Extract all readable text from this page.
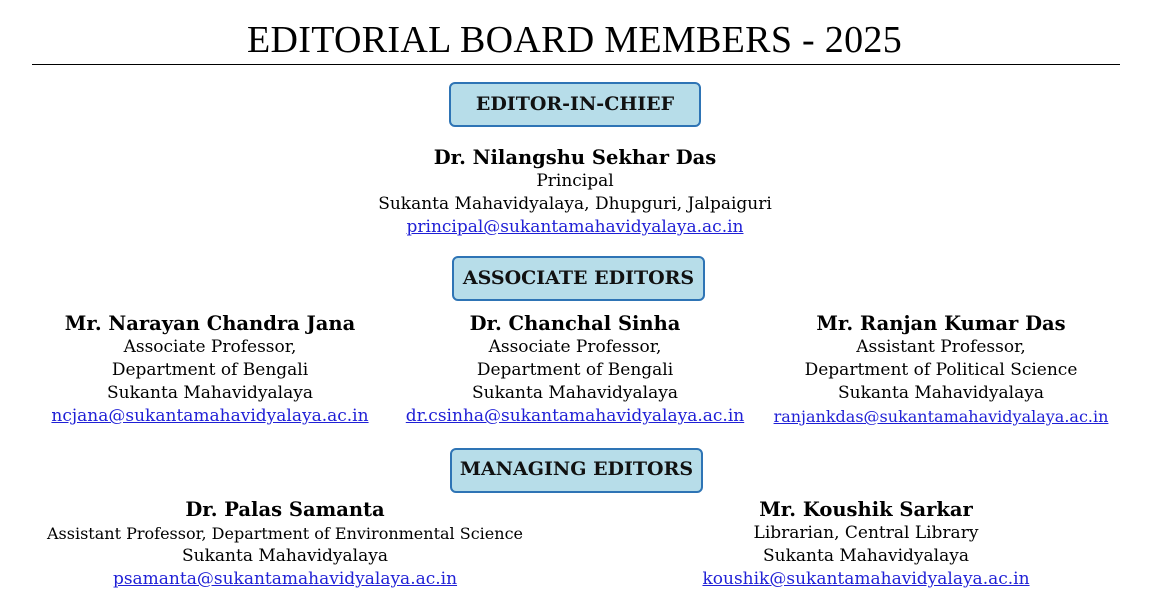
EDITORIAL BOARD MEMBERS - 2025
EDITOR-IN-CHIEF
Dr. Nilangshu Sekhar Das
Principal
Sukanta Mahavidyalaya, Dhupguri, Jalpaiguri
principal@sukantamahavidyalaya.ac.in
ASSOCIATE EDITORS
Mr. Narayan Chandra Jana
Associate Professor,
Department of Bengali
Sukanta Mahavidyalaya
ncjana@sukantamahavidyalaya.ac.in
Dr. Chanchal Sinha
Associate Professor,
Department of Bengali
Sukanta Mahavidyalaya
dr.csinha@sukantamahavidyalaya.ac.in
Mr. Ranjan Kumar Das
Assistant Professor,
Department of Political Science
Sukanta Mahavidyalaya
ranjankdas@sukantamahavidyalaya.ac.in
MANAGING EDITORS
Dr. Palas Samanta
Assistant Professor, Department of Environmental Science
Sukanta Mahavidyalaya
psamanta@sukantamahavidyalaya.ac.in
Mr. Koushik Sarkar
Librarian, Central Library
Sukanta Mahavidyalaya
koushik@sukantamahavidyalaya.ac.in
